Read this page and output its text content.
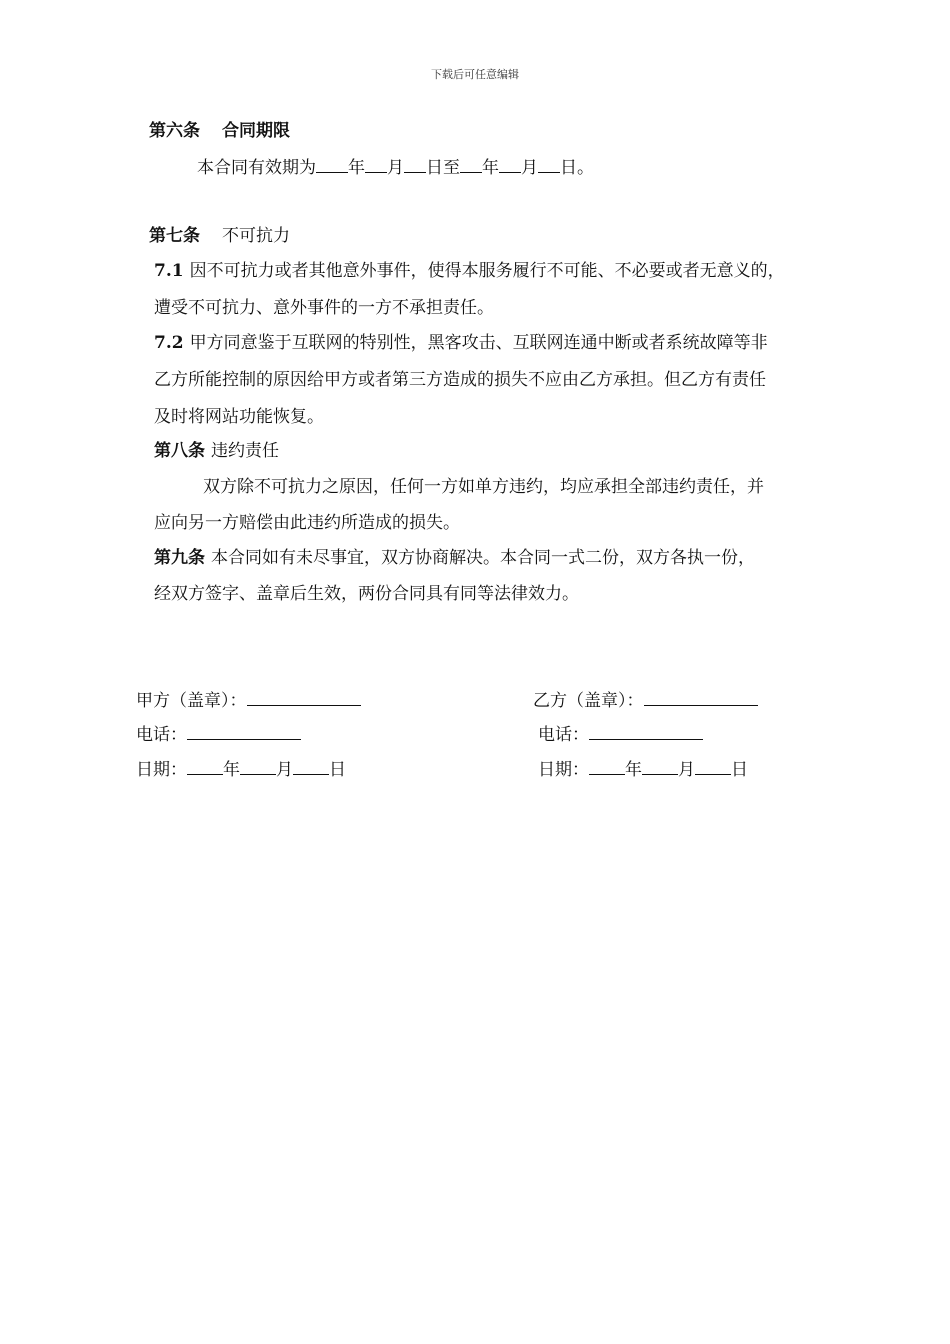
下载后可任意编辑
第六条 合同期限
本合同有效期为 年 月 日至 年 月 日。
第七条 不可抗力
7.1 因不可抗力或者其他意外事件，使得本服务履行不可能、不必要或者无意义的，
遭受不可抗力、意外事件的一方不承担责任。
7.2 甲方同意鉴于互联网的特别性，黑客攻击、互联网连通中断或者系统故障等非
乙方所能控制的原因给甲方或者第三方造成的损失不应由乙方承担。但乙方有责任
及时将网站功能恢复。
第八条 违约责任
双方除不可抗力之原因，任何一方如单方违约，均应承担全部违约责任，并
应向另一方赔偿由此违约所造成的损失。
第九条 本合同如有未尽事宜，双方协商解决。本合同一式二份，双方各执一份，
经双方签字、盖章后生效，两份合同具有同等法律效力。
甲方（盖章）：	乙方（盖章）：
电话：	电话：
日期： 年 月 日	日期： 年 月 日
